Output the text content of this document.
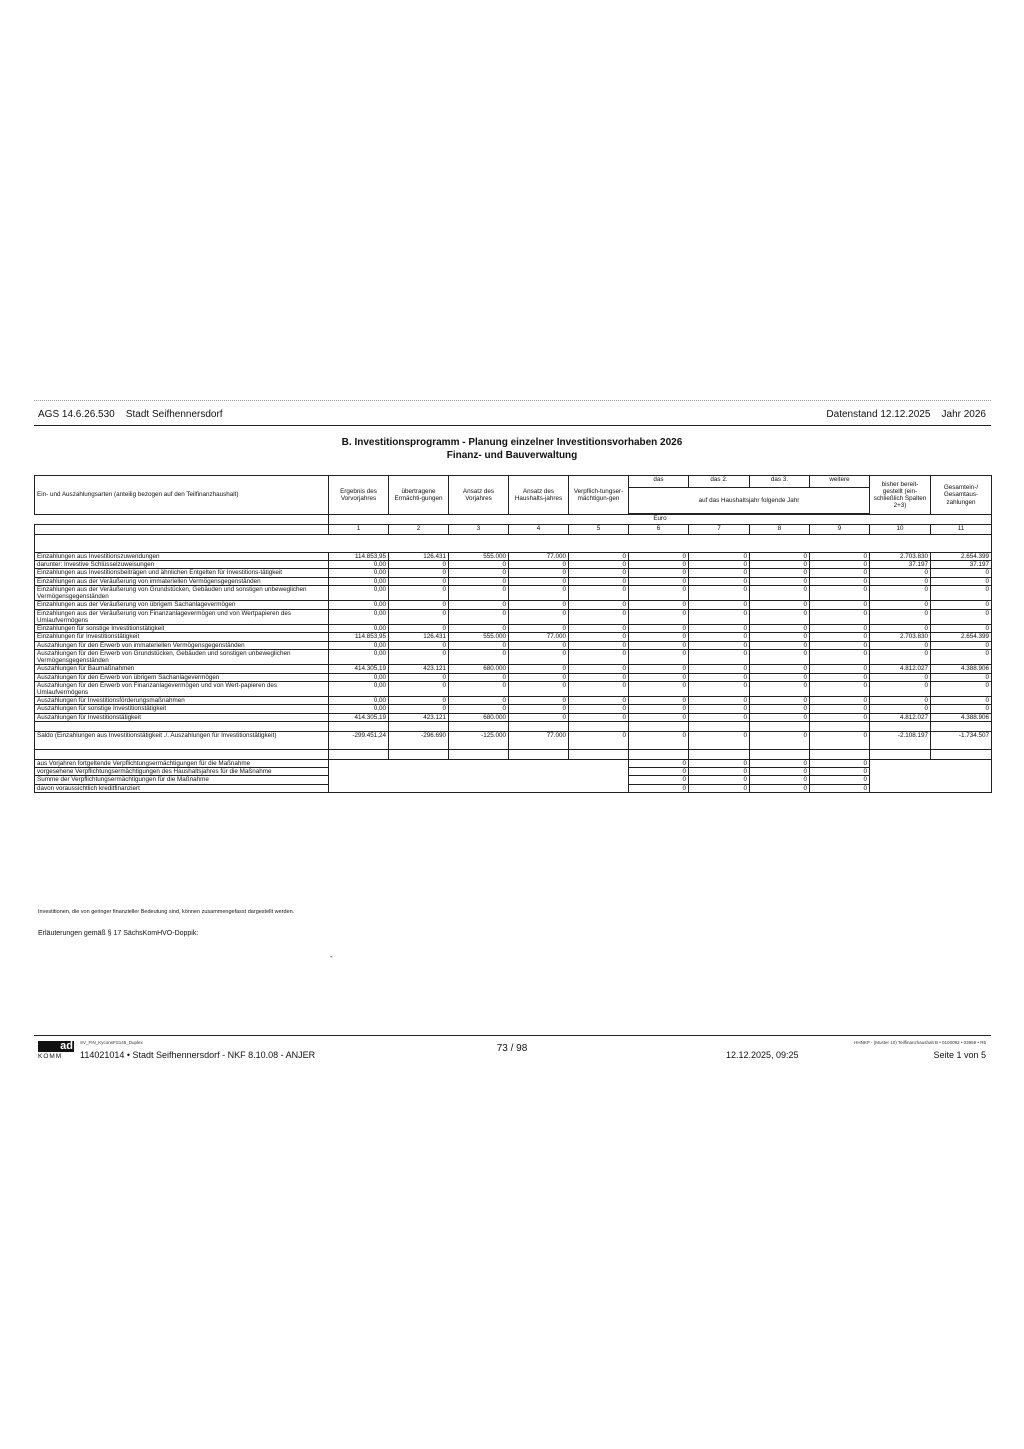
AGS 14.6.26.530 Stadt Seifhennersdorf	Datenstand 12.12.2025 Jahr 2026
B. Investitionsprogramm - Planung einzelner Investitionsvorhaben 2026
Finanz- und Bauverwaltung
Ein- und Auszahlungsarten (anteilig bezogen auf den Teilfinanzhaushalt)	Ergebnis des Vorvorjahres	übertragene Ermächti-gungen	Ansatz des Vorjahres	Ansatz des Haushalts-jahres	Verpflich-tungser-mächtigun-gen	das	das 2.	das 3.	weitere	bisher bereit-gestellt (ein-schließlich Spalten 2+3)	Gesamtein-/ Gesamtaus-zahlungen
						auf das Haushaltsjahr folgende Jahr					

	Euro										
	1	2	3	4	5	6	7	8	9	10	11

Einzahlungen aus Investitionszuwendungen	114.853,95	126.431	555.000	77.000	0	0	0	0	0	2.703.830	2.654.399
darunter: Investive Schlüsselzuweisungen	0,00	0	0	0	0	0	0	0	0	37.197	37.197
Einzahlungen aus Investitionsbeiträgen und ähnlichen Entgelten für Investitions-tätigkeit	0,00	0	0	0	0	0	0	0	0	0	0
Einzahlungen aus der Veräußerung von immateriellen Vermögensgegenständen	0,00	0	0	0	0	0	0	0	0	0	0
Einzahlungen aus der Veräußerung von Grundstücken, Gebäuden und sonstigen unbeweglichen Vermögensgegenständen	0,00	0	0	0	0	0	0	0	0	0	0
Einzahlungen aus der Veräußerung von übrigem Sachanlagevermögen	0,00	0	0	0	0	0	0	0	0	0	0
Einzahlungen aus der Veräußerung von Finanzanlagevermögen und von Wertpapieren des Umlaufvermögens	0,00	0	0	0	0	0	0	0	0	0	0
Einzahlungen für sonstige Investitionstätigkeit	0,00	0	0	0	0	0	0	0	0	0	0
Einzahlungen für Investitionstätigkeit	114.853,95	126.431	555.000	77.000	0	0	0	0	0	2.703.830	2.654.399
Auszahlungen für den Erwerb von immateriellen Vermögensgegenständen	0,00	0	0	0	0	0	0	0	0	0	0
Auszahlungen für den Erwerb von Grundstücken, Gebäuden und sonstigen unbeweglichen Vermögensgegenständen	0,00	0	0	0	0	0	0	0	0	0	0
Auszahlungen für Baumaßnahmen	414.305,19	423.121	680.000	0	0	0	0	0	0	4.812.027	4.388.906
Auszahlungen für den Erwerb von übrigem Sachanlagevermögen	0,00	0	0	0	0	0	0	0	0	0	0
Auszahlungen für den Erwerb von Finanzanlagevermögen und von Wert-papieren des Umlaufvermögens	0,00	0	0	0	0	0	0	0	0	0	0
Auszahlungen für Investitionsförderungsmaßnahmen	0,00	0	0	0	0	0	0	0	0	0	0
Auszahlungen für sonstige Investitionstätigkeit	0,00	0	0	0	0	0	0	0	0	0	0
Auszahlungen für Investitionstätigkeit	414.305,19	423.121	680.000	0	0	0	0	0	0	4.812.027	4.388.906

Saldo (Einzahlungen aus Investitionstätigkeit ./. Auszahlungen für Investitionstätigkeit)	-299.451,24	-296.690	-125.000	77.000	0	0	0	0	0	-2.108.197	-1.734.507

aus Vorjahren fortgeltende Verpflichtungsermächtigungen für die Maßnahme						0	0	0	0		
vorgesehene Verpflichtungsermächtigungen des Haushaltsjahres für die Maßnahme						0	0	0	0		
Summe der Verpflichtungsermächtigungen für die Maßnahme						0	0	0	0		
davon voraussichtlich kreditfinanziert						0	0	0	0		
Investitionen, die von geringer finanzieller Bedeutung sind, können zusammengefasst dargestellt werden.
Erläuterungen gemäß § 17 SächsKomHVO-Doppik:
-
ad
KOMM
SV_FIN_KyconsFS145_Duplex
114021014 • Stadt Seifhennersdorf - NKF 8.10.08 - ANJER
73 / 98
HHNKP - (Muster 10) Teilfinanzhaushalt B • 0100092 • 03959 • R5
12.12.2025, 09:25	Seite 1 von 5
